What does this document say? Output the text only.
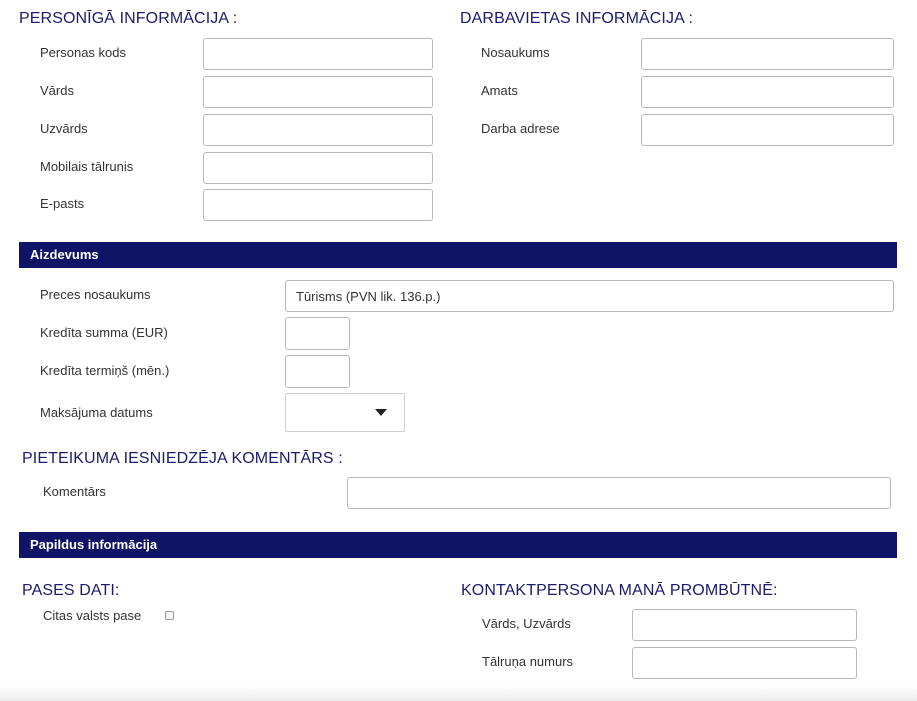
PERSONĪGĀ INFORMĀCIJA :
Personas kods
Vārds
Uzvārds
Mobilais tālrunis
E-pasts
DARBAVIETAS INFORMĀCIJA :
Nosaukums
Amats
Darba adrese
Aizdevums
Preces nosaukums
Tūrisms (PVN lik. 136.p.)
Kredīta summa (EUR)
Kredīta termiņš (mēn.)
Maksājuma datums
PIETEIKUMA IESNIEDZĒJA KOMENTĀRS :
Komentārs
Papildus informācija
PASES DATI:
Citas valsts pase
KONTAKTPERSONA MANĀ PROMBŪTNĒ:
Vārds, Uzvārds
Tālruņa numurs
